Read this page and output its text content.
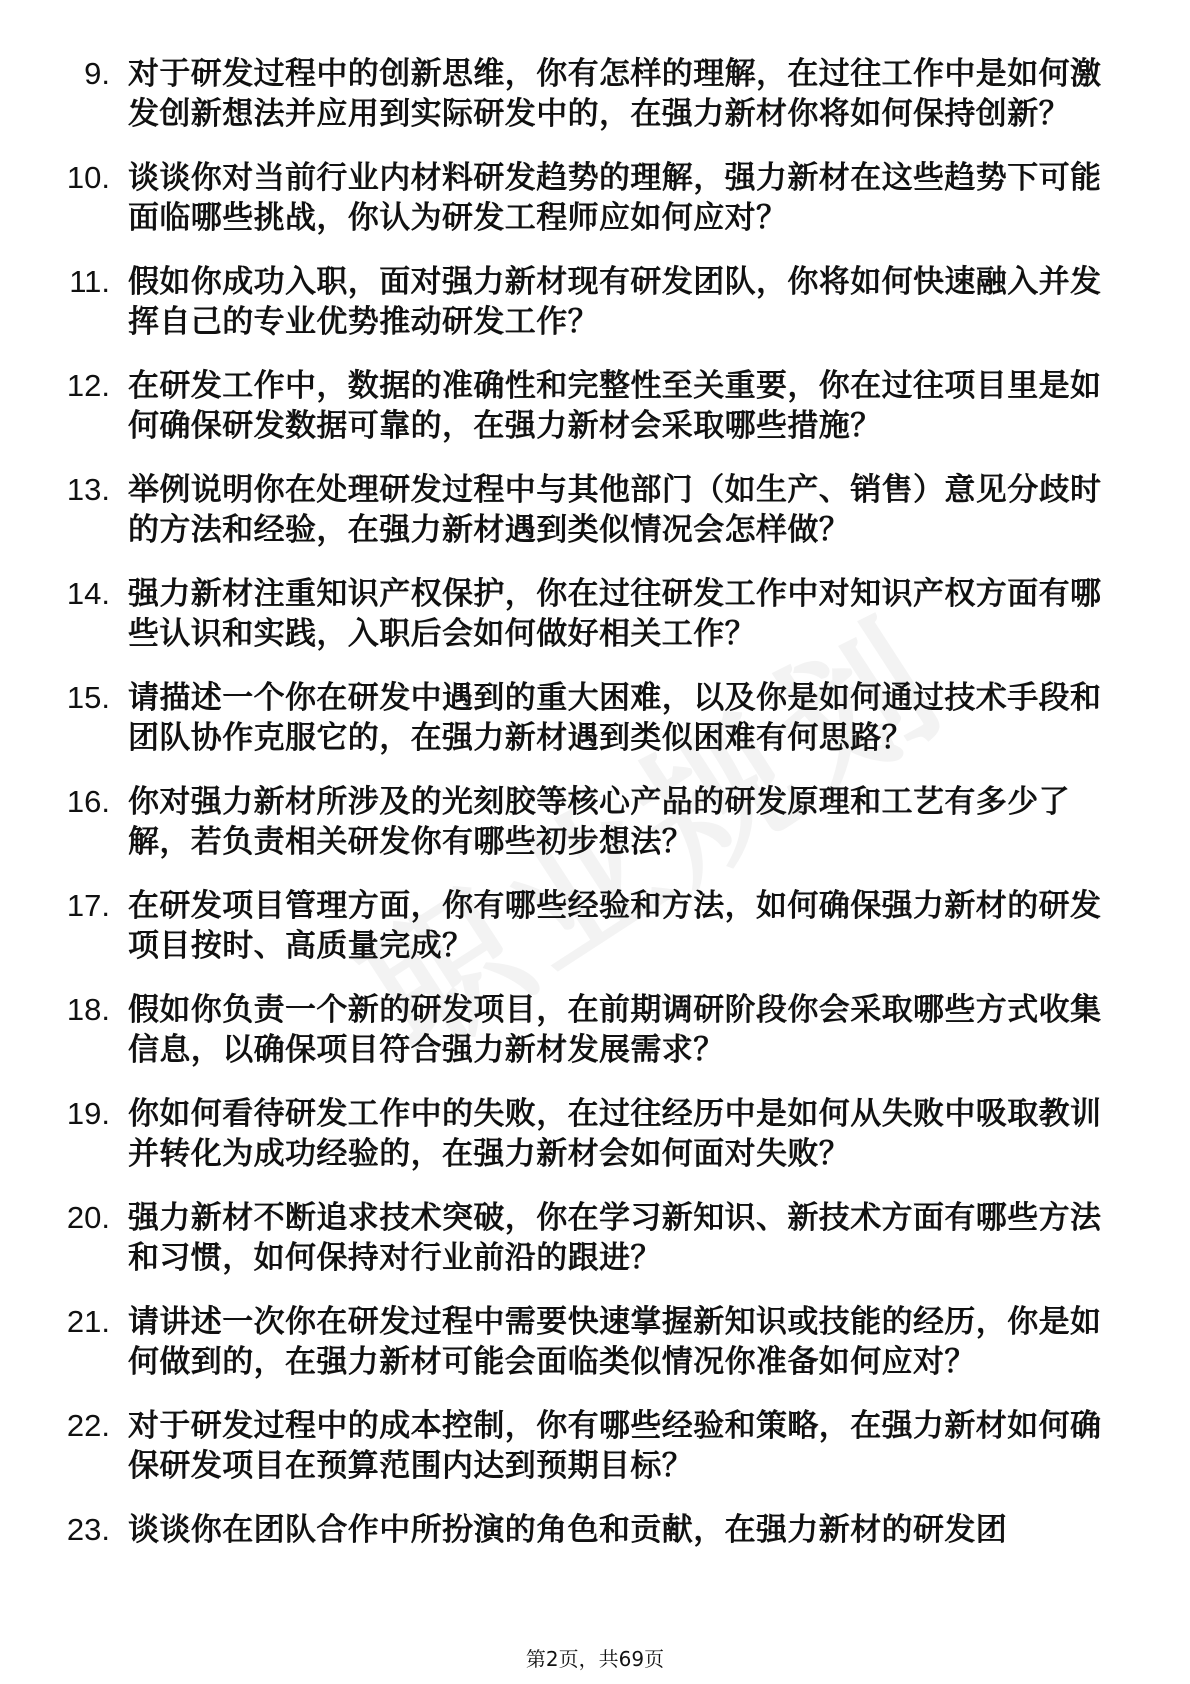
9. 对于研发过程中的创新思维，你有怎样的理解，在过往工作中是如何激发创新想法并应用到实际研发中的，在强力新材你将如何保持创新？
10. 谈谈你对当前行业内材料研发趋势的理解，强力新材在这些趋势下可能面临哪些挑战，你认为研发工程师应如何应对？
11. 假如你成功入职，面对强力新材现有研发团队，你将如何快速融入并发挥自己的专业优势推动研发工作？
12. 在研发工作中，数据的准确性和完整性至关重要，你在过往项目里是如何确保研发数据可靠的，在强力新材会采取哪些措施？
13. 举例说明你在处理研发过程中与其他部门（如生产、销售）意见分歧时的方法和经验，在强力新材遇到类似情况会怎样做？
14. 强力新材注重知识产权保护，你在过往研发工作中对知识产权方面有哪些认识和实践，入职后会如何做好相关工作？
15. 请描述一个你在研发中遇到的重大困难，以及你是如何通过技术手段和团队协作克服它的，在强力新材遇到类似困难有何思路？
16. 你对强力新材所涉及的光刻胶等核心产品的研发原理和工艺有多少了解，若负责相关研发你有哪些初步想法？
17. 在研发项目管理方面，你有哪些经验和方法，如何确保强力新材的研发项目按时、高质量完成？
18. 假如你负责一个新的研发项目，在前期调研阶段你会采取哪些方式收集信息，以确保项目符合强力新材发展需求？
19. 你如何看待研发工作中的失败，在过往经历中是如何从失败中吸取教训并转化为成功经验的，在强力新材会如何面对失败？
20. 强力新材不断追求技术突破，你在学习新知识、新技术方面有哪些方法和习惯，如何保持对行业前沿的跟进？
21. 请讲述一次你在研发过程中需要快速掌握新知识或技能的经历，你是如何做到的，在强力新材可能会面临类似情况你准备如何应对？
22. 对于研发过程中的成本控制，你有哪些经验和策略，在强力新材如何确保研发项目在预算范围内达到预期目标？
23. 谈谈你在团队合作中所扮演的角色和贡献，在强力新材的研发团
第2页，共69页
